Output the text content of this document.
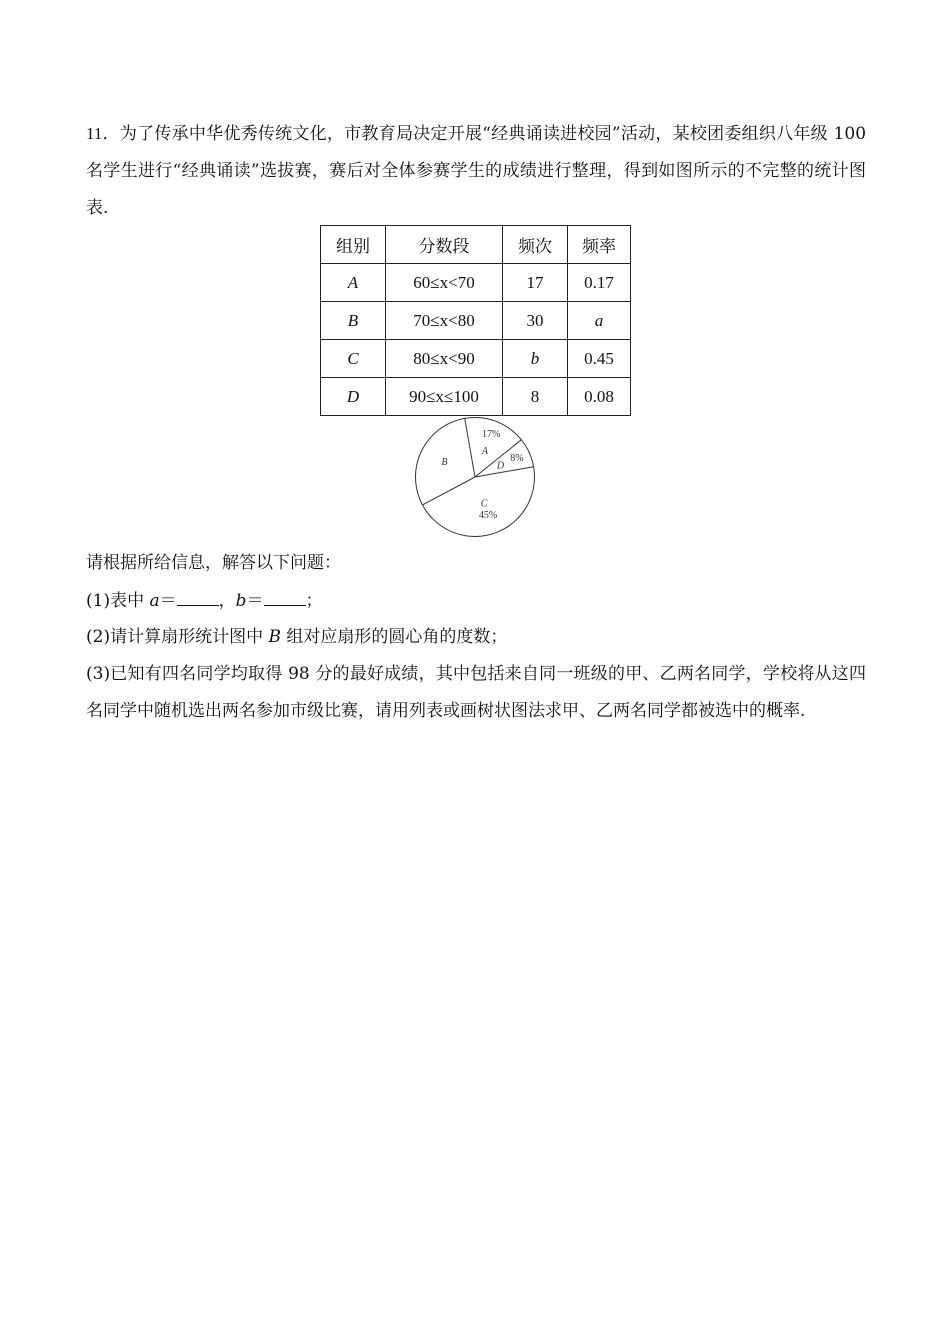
11．为了传承中华优秀传统文化，市教育局决定开展“经典诵读进校园”活动，某校团委组织八年级 100 名学生进行“经典诵读”选拔赛，赛后对全体参赛学生的成绩进行整理，得到如图所示的不完整的统计图表.
组别	分数段	频次	频率
A	60≤x<70	17	0.17
B	70≤x<80	30	a
C	80≤x<90	b	0.45
D	90≤x≤100	8	0.08
A
17%
D
8%
C
45%
B
请根据所给信息，解答以下问题：
(1)表中 a＝ ，b＝ ；
(2)请计算扇形统计图中 B 组对应扇形的圆心角的度数；
(3)已知有四名同学均取得 98 分的最好成绩，其中包括来自同一班级的甲、乙两名同学，学校将从这四名同学中随机选出两名参加市级比赛，请用列表或画树状图法求甲、乙两名同学都被选中的概率.
